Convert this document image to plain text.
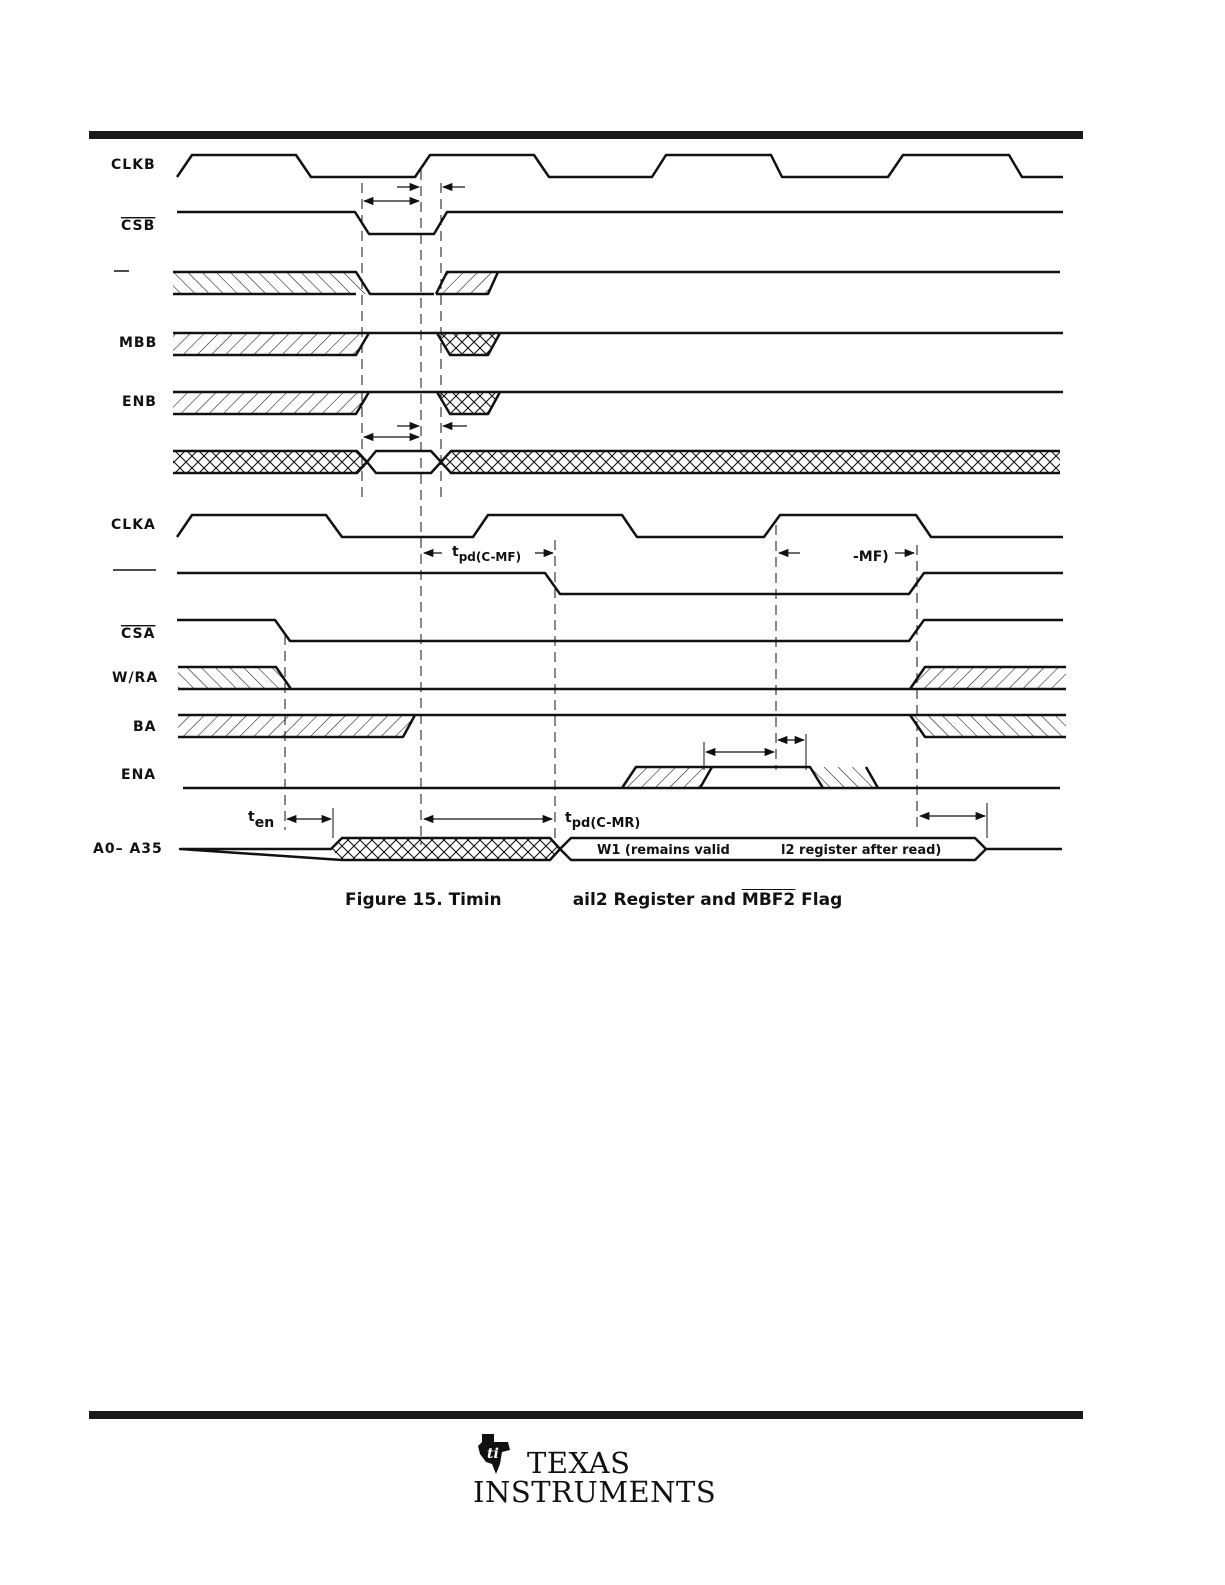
CLKB
CSB
MBB
ENB
CLKA
CSA
W/RA
BA
ENA
A0– A35
tpd(C-MF)	-MF)
ten	tpd(C-MR)
W1 (remains valid	l2 register after read)
Figure 15. Timin	ail2 Register and MBF2 Flag
ti TEXAS
INSTRUMENTS
